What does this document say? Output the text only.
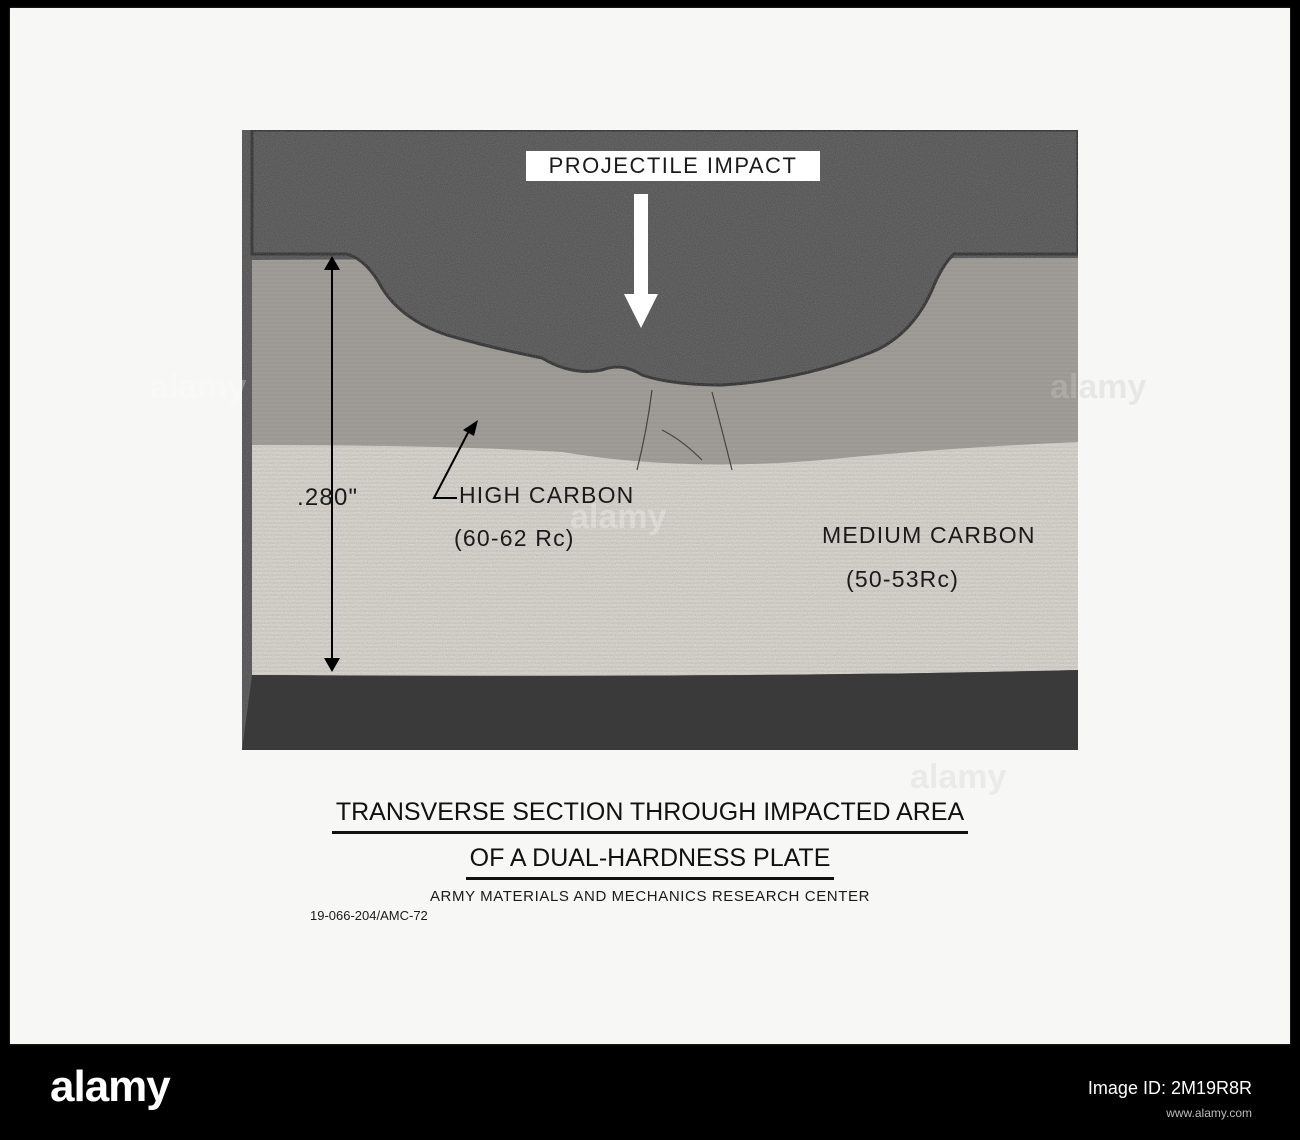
PROJECTILE IMPACT
.280"	HIGH CARBON
(60-62 Rc)	MEDIUM CARBON
(50-53Rc)
TRANSVERSE SECTION THROUGH IMPACTED AREA
OF A DUAL-HARDNESS PLATE
ARMY MATERIALS AND MECHANICS RESEARCH CENTER
19-066-204/AMC-72
alamy
alamy
alamy
alamy
alamy	Image ID: 2M19R8R
www.alamy.com
